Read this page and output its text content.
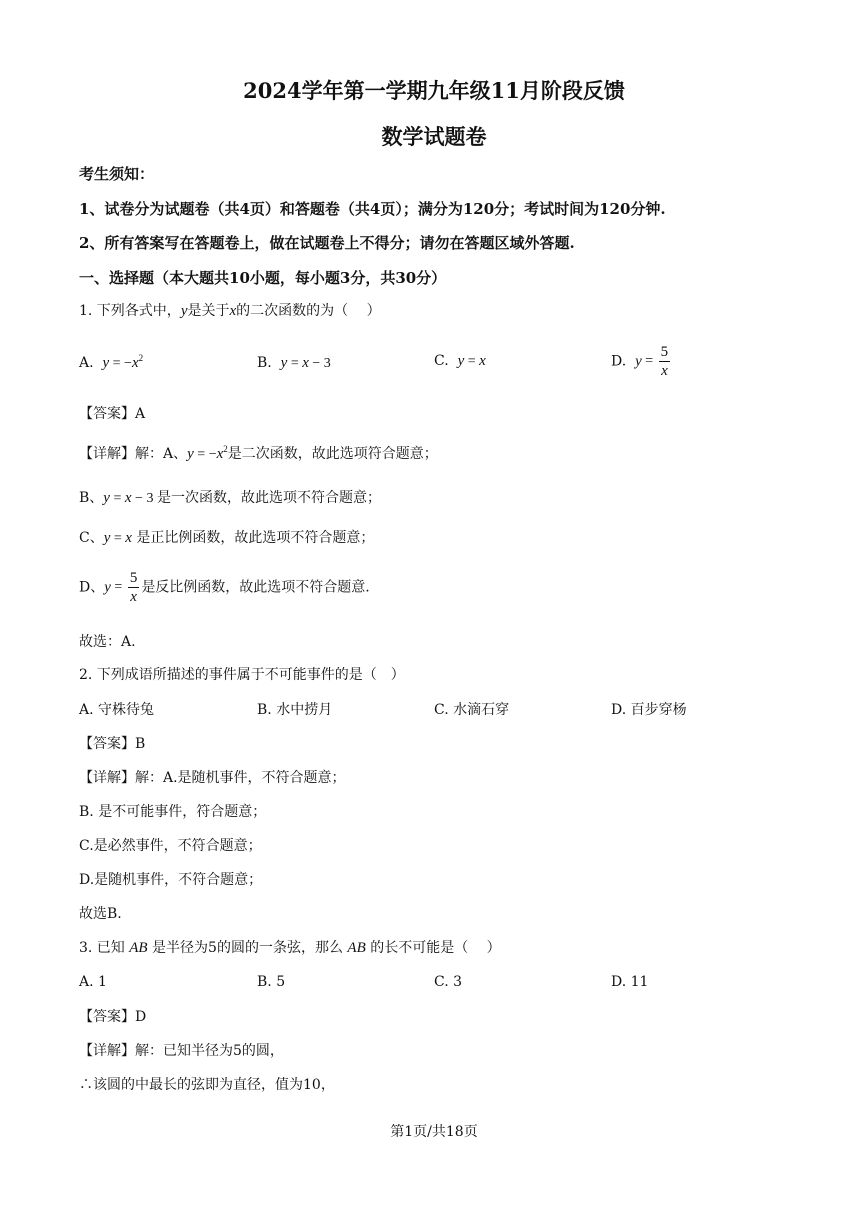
2024学年第一学期九年级11月阶段反馈
数学试题卷
考生须知：
1、试卷分为试题卷（共4页）和答题卷（共4页）；满分为120分；考试时间为120分钟.
2、所有答案写在答题卷上，做在试题卷上不得分；请勿在答题区域外答题.
一、选择题（本大题共10小题，每小题3分，共30分）
1. 下列各式中，y是关于x的二次函数的为（　 ）
A. $y = -x^2$	B. y = x − 3	C. y = x	D. $y = \frac{5}{x}$
【答案】A
【详解】解：A、$y = -x^2$是二次函数，故此选项符合题意；
B、y = x − 3 是一次函数，故此选项不符合题意；
C、y = x 是正比例函数，故此选项不符合题意；
D、$y = \frac{5}{x}$ 是反比例函数，故此选项不符合题意.
故选：A.
2. 下列成语所描述的事件属于不可能事件的是（　）
A. 守株待兔	B. 水中捞月	C. 水滴石穿	D. 百步穿杨
【答案】B
【详解】解：A.是随机事件，不符合题意；
B. 是不可能事件，符合题意；
C.是必然事件，不符合题意；
D.是随机事件，不符合题意；
故选B.
3. 已知 AB 是半径为5的圆的一条弦，那么 AB 的长不可能是（　 ）
A. 1	B. 5	C. 3	D. 11
【答案】D
【详解】解：已知半径为5的圆，
∴该圆的中最长的弦即为直径，值为10，
第1页/共18页
